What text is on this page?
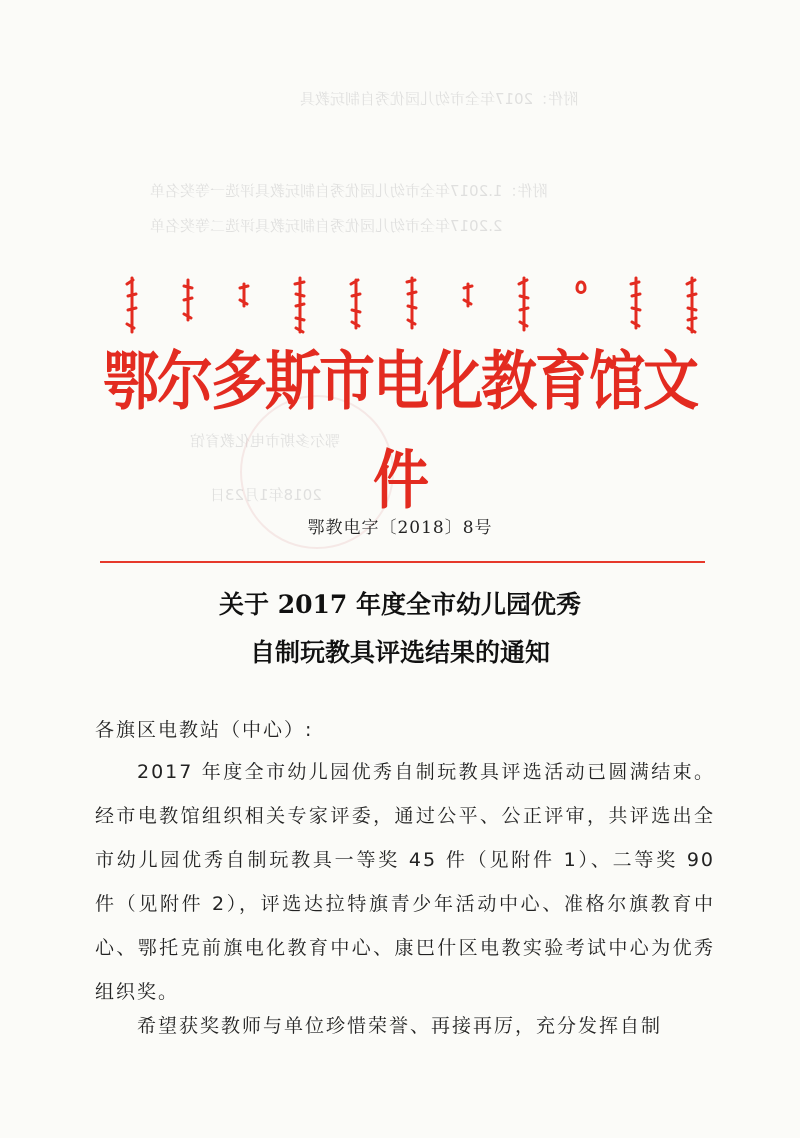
附件：2017年全市幼儿园优秀自制玩教具
附件：1.2017年全市幼儿园优秀自制玩教具评选一等奖名单
2.2017年全市幼儿园优秀自制玩教具评选二等奖名单
鄂尔多斯市电化教育馆
2018年1月23日
鄂尔多斯市电化教育馆文件
鄂教电字〔2018〕8号
关于 2017 年度全市幼儿园优秀
自制玩教具评选结果的通知
各旗区电教站（中心）:
2017 年度全市幼儿园优秀自制玩教具评选活动已圆满结束。经市电教馆组织相关专家评委，通过公平、公正评审，共评选出全市幼儿园优秀自制玩教具一等奖 45 件（见附件 1）、二等奖 90 件（见附件 2），评选达拉特旗青少年活动中心、准格尔旗教育中心、鄂托克前旗电化教育中心、康巴什区电教实验考试中心为优秀组织奖。
希望获奖教师与单位珍惜荣誉、再接再厉，充分发挥自制
